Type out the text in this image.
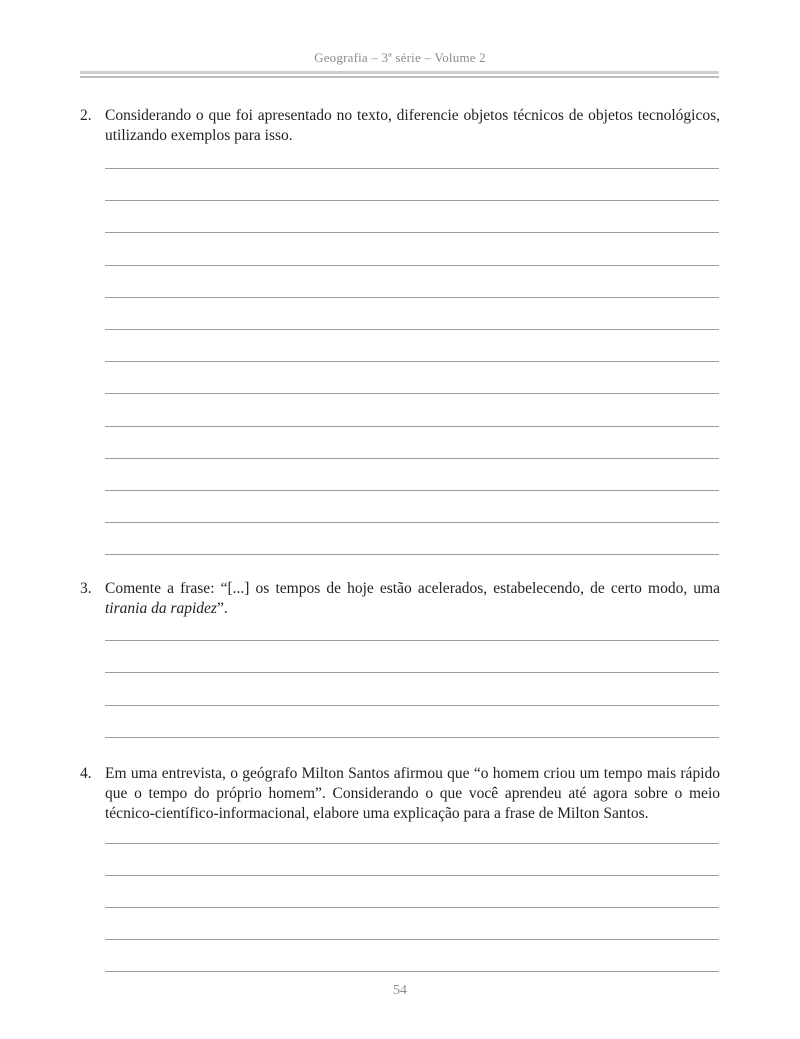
Geografia – 3ª série – Volume 2
2. Considerando o que foi apresentado no texto, diferencie objetos técnicos de objetos tecnológicos, utilizando exemplos para isso.
3. Comente a frase: “[...] os tempos de hoje estão acelerados, estabelecendo, de certo modo, uma tirania da rapidez”.
4. Em uma entrevista, o geógrafo Milton Santos afirmou que “o homem criou um tempo mais rápido que o tempo do próprio homem”. Considerando o que você aprendeu até agora sobre o meio técnico-científico-informacional, elabore uma explicação para a frase de Milton Santos.
54
